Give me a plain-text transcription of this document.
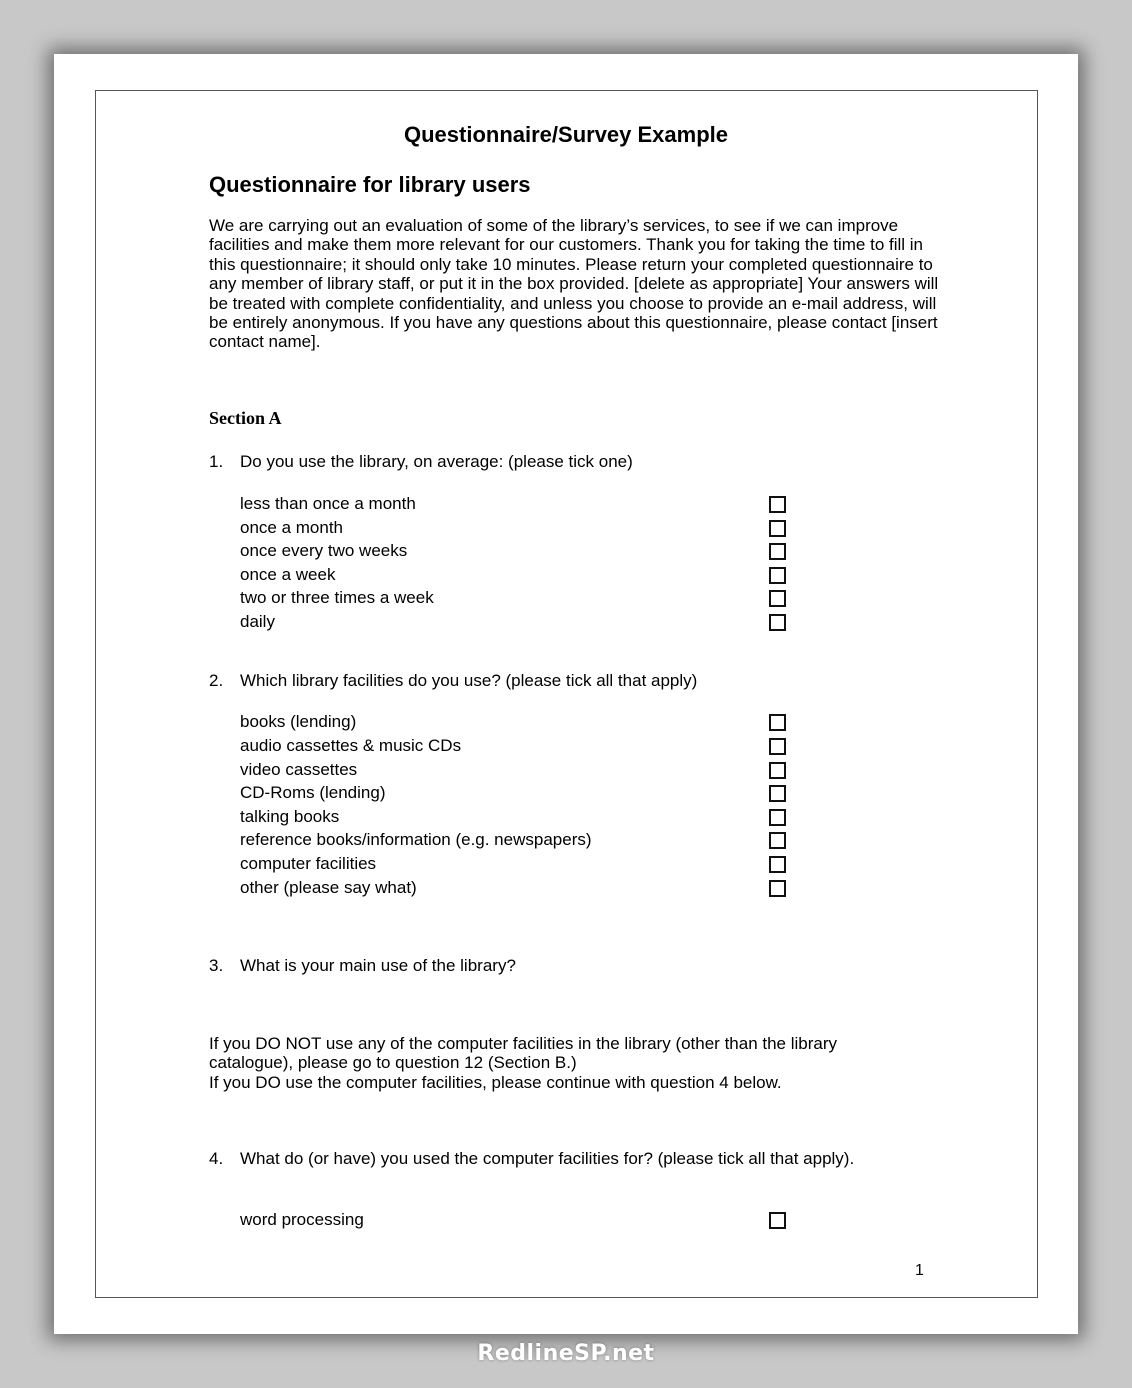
Questionnaire/Survey Example
Questionnaire for library users
We are carrying out an evaluation of some of the library’s services, to see if we can improve facilities and make them more relevant for our customers. Thank you for taking the time to fill in this questionnaire; it should only take 10 minutes. Please return your completed questionnaire to any member of library staff, or put it in the box provided. [delete as appropriate] Your answers will be treated with complete confidentiality, and unless you choose to provide an e-mail address, will be entirely anonymous. If you have any questions about this questionnaire, please contact [insert contact name].
Section A
1. Do you use the library, on average: (please tick one)
less than once a month
once a month
once every two weeks
once a week
two or three times a week
daily
2. Which library facilities do you use? (please tick all that apply)
books (lending)
audio cassettes & music CDs
video cassettes
CD-Roms (lending)
talking books
reference books/information (e.g. newspapers)
computer facilities
other (please say what)
3. What is your main use of the library?
If you DO NOT use any of the computer facilities in the library (other than the library catalogue), please go to question 12 (Section B.)
If you DO use the computer facilities, please continue with question 4 below.
4. What do (or have) you used the computer facilities for? (please tick all that apply).
word processing
1
RedlineSP.net
